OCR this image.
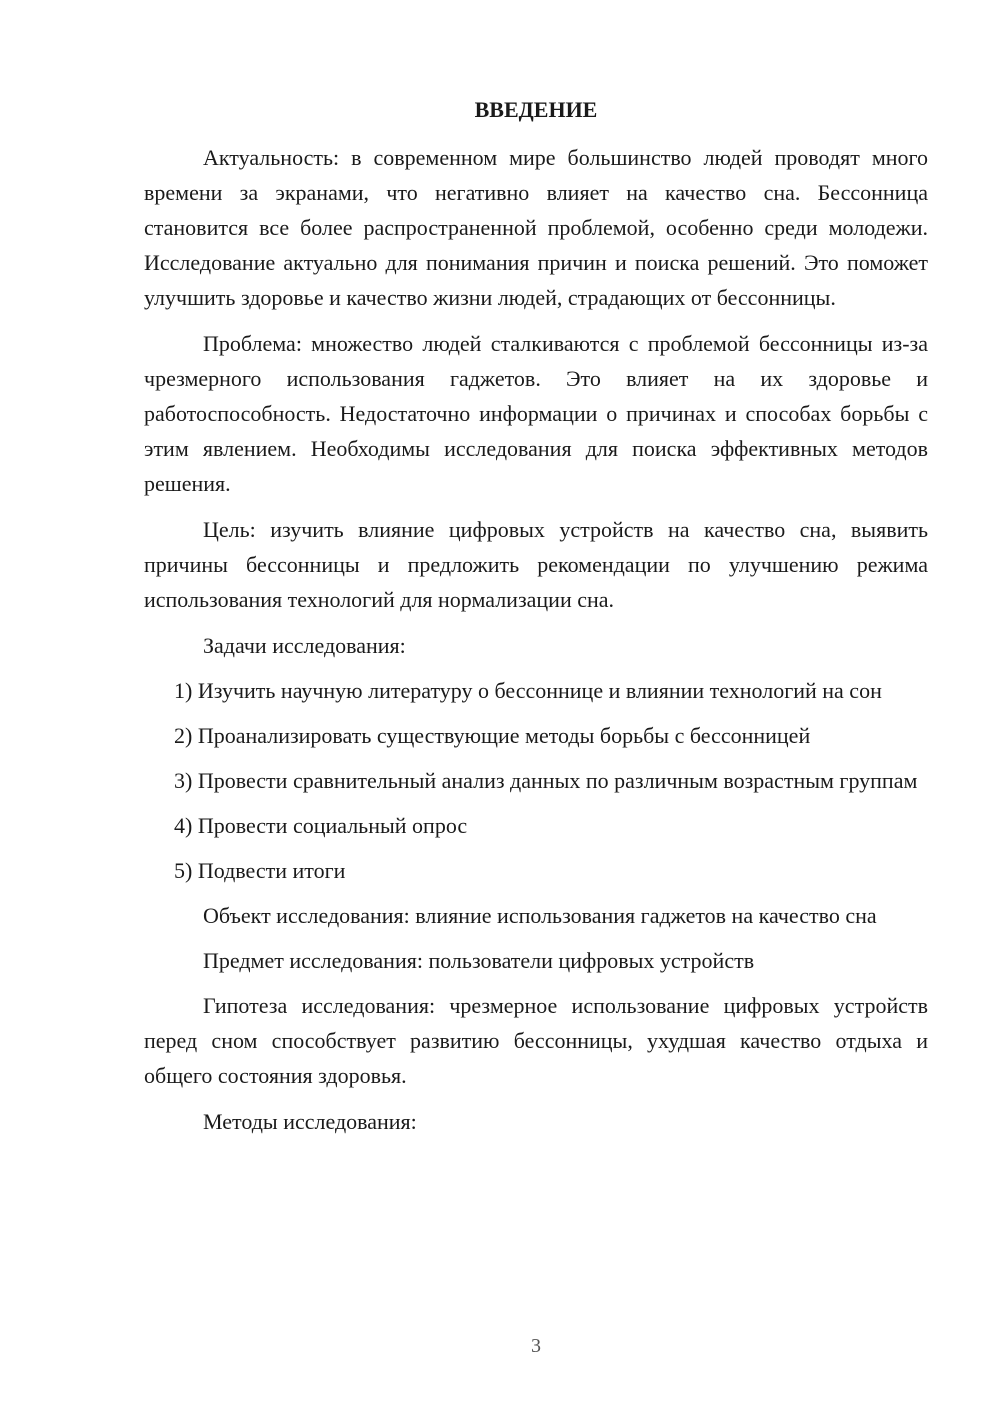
ВВЕДЕНИЕ

Актуальность: в современном мире большинство людей проводят много времени за экранами, что негативно влияет на качество сна. Бессонница становится все более распространенной проблемой, особенно среди молодежи. Исследование актуально для понимания причин и поиска решений. Это поможет улучшить здоровье и качество жизни людей, страдающих от бессонницы.

Проблема: множество людей сталкиваются с проблемой бессонницы из-за чрезмерного использования гаджетов. Это влияет на их здоровье и работоспособность. Недостаточно информации о причинах и способах борьбы с этим явлением. Необходимы исследования для поиска эффективных методов решения.

Цель: изучить влияние цифровых устройств на качество сна, выявить причины бессонницы и предложить рекомендации по улучшению режима использования технологий для нормализации сна.

Задачи исследования:

1) Изучить научную литературу о бессоннице и влиянии технологий на сон

2) Проанализировать существующие методы борьбы с бессонницей

3) Провести сравнительный анализ данных по различным возрастным группам

4) Провести социальный опрос

5) Подвести итоги

Объект исследования: влияние использования гаджетов на качество сна

Предмет исследования: пользователи цифровых устройств

Гипотеза исследования: чрезмерное использование цифровых устройств перед сном способствует развитию бессонницы, ухудшая качество отдыха и общего состояния здоровья.

Методы исследования:

3
